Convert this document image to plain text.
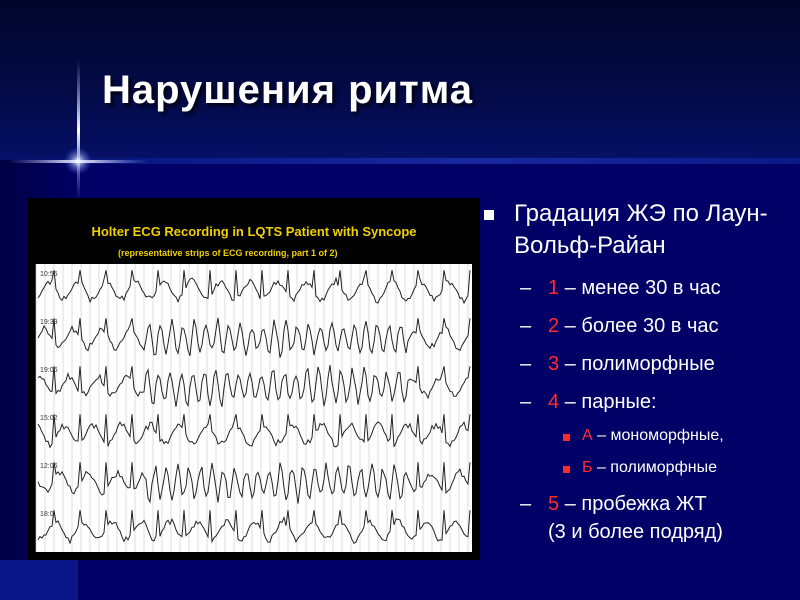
Нарушения ритма
Holter ECG Recording in LQTS Patient with Syncope
(representative strips of ECG recording, part 1 of 2)
10:55
19:39
19:06
15:02
12:06
18:0
Градация ЖЭ по Лаун-Вольф-Райан
– 1 – менее 30 в час
– 2 – более 30 в час
– 3 – полиморфные
– 4 – парные:
А – мономорфные,
Б – полиморфные
– 5 – пробежка ЖТ
(3 и более подряд)
